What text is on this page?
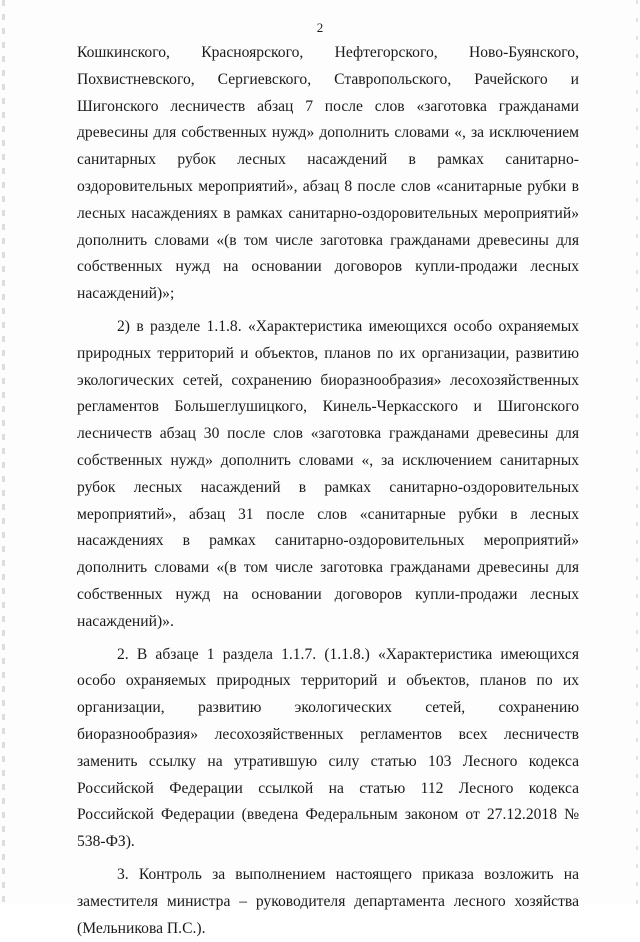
2

Кошкинского, Красноярского, Нефтегорского, Ново-Буянского, Похвистневского, Сергиевского, Ставропольского, Рачейского и Шигонского лесничеств абзац 7 после слов «заготовка гражданами древесины для собственных нужд» дополнить словами «, за исключением санитарных рубок лесных насаждений в рамках санитарно-оздоровительных мероприятий», абзац 8 после слов «санитарные рубки в лесных насаждениях в рамках санитарно-оздоровительных мероприятий» дополнить словами «(в том числе заготовка гражданами древесины для собственных нужд на основании договоров купли-продажи лесных насаждений)»;

2) в разделе 1.1.8. «Характеристика имеющихся особо охраняемых природных территорий и объектов, планов по их организации, развитию экологических сетей, сохранению биоразнообразия» лесохозяйственных регламентов Большеглушицкого, Кинель-Черкасского и Шигонского лесничеств абзац 30 после слов «заготовка гражданами древесины для собственных нужд» дополнить словами «, за исключением санитарных рубок лесных насаждений в рамках санитарно-оздоровительных мероприятий», абзац 31 после слов «санитарные рубки в лесных насаждениях в рамках санитарно-оздоровительных мероприятий» дополнить словами «(в том числе заготовка гражданами древесины для собственных нужд на основании договоров купли-продажи лесных насаждений)».

2. В абзаце 1 раздела 1.1.7. (1.1.8.) «Характеристика имеющихся особо охраняемых природных территорий и объектов, планов по их организации, развитию экологических сетей, сохранению биоразнообразия» лесохозяйственных регламентов всех лесничеств заменить ссылку на утратившую силу статью 103 Лесного кодекса Российской Федерации ссылкой на статью 112 Лесного кодекса Российской Федерации (введена Федеральным законом от 27.12.2018 № 538-ФЗ).

3. Контроль за выполнением настоящего приказа возложить на заместителя министра – руководителя департамента лесного хозяйства (Мельникова П.С.).
